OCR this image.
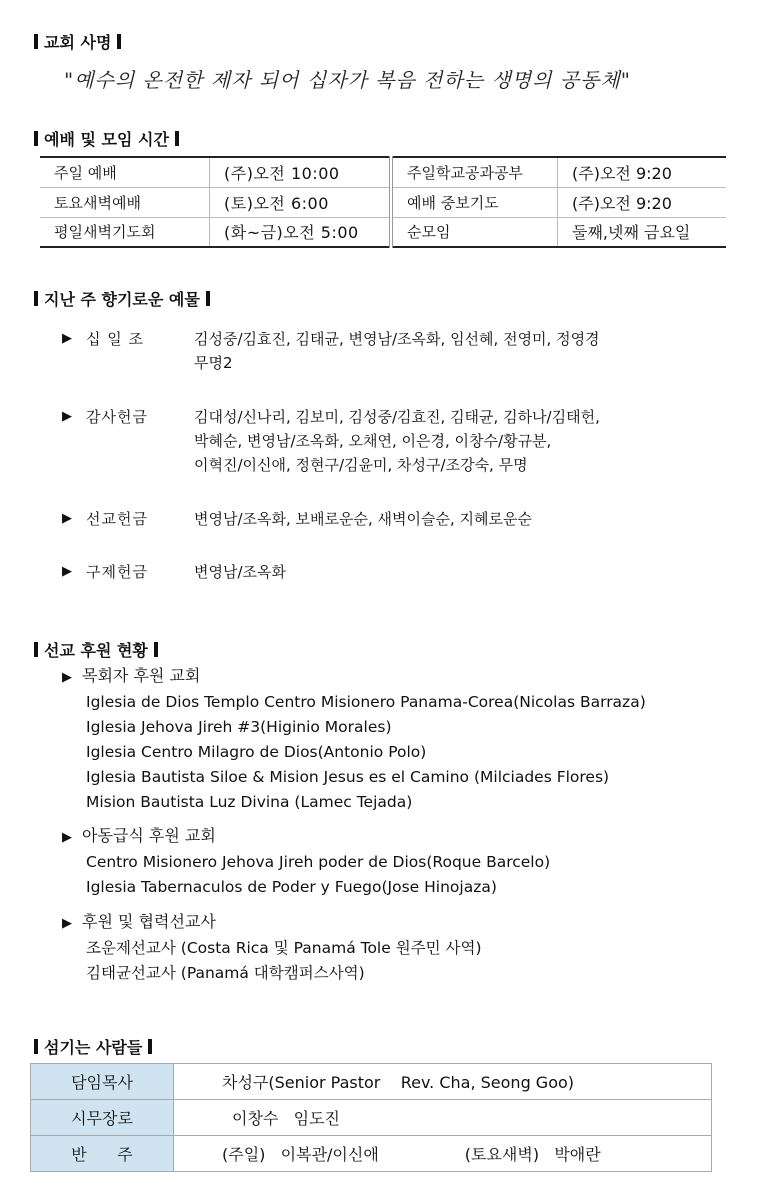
교회 사명
"예수의 온전한 제자 되어 십자가 복음 전하는 생명의 공동체"
예배 및 모임 시간
주일 예배	(주)오전 10:00	주일학교공과공부	(주)오전 9:20
토요새벽예배	(토)오전 6:00	예배 중보기도	(주)오전 9:20
평일새벽기도회	(화~금)오전 5:00	순모임	둘째,넷째 금요일
지난 주 향기로운 예물
▶ 십 일 조	김성중/김효진, 김태균, 변영남/조옥화, 임선혜, 전영미, 정영경
무명2
▶ 감사헌금	김대성/신나리, 김보미, 김성중/김효진, 김태균, 김하나/김태헌,
박혜순, 변영남/조옥화, 오채연, 이은경, 이창수/황규분,
이혁진/이신애, 정현구/김윤미, 차성구/조강숙, 무명
▶ 선교헌금	변영남/조옥화, 보배로운순, 새벽이슬순, 지혜로운순
▶ 구제헌금	변영남/조옥화
선교 후원 현황
▶ 목회자 후원 교회
Iglesia de Dios Templo Centro Misionero Panama-Corea(Nicolas Barraza)
Iglesia Jehova Jireh #3(Higinio Morales)
Iglesia Centro Milagro de Dios(Antonio Polo)
Iglesia Bautista Siloe & Mision Jesus es el Camino (Milciades Flores)
Mision Bautista Luz Divina (Lamec Tejada)
▶ 아동급식 후원 교회
Centro Misionero Jehova Jireh poder de Dios(Roque Barcelo)
Iglesia Tabernaculos de Poder y Fuego(Jose Hinojaza)
▶ 후원 및 협력선교사
조운제선교사 (Costa Rica 및 Panamá Tole 원주민 사역)
김태균선교사 (Panamá 대학캠퍼스사역)
섬기는 사람들
담임목사	차성구(Senior Pastor    Rev. Cha, Seong Goo)
시무장로	이창수   임도진
반      주	(주일)   이복관/이신애 (토요새벽)   박애란
